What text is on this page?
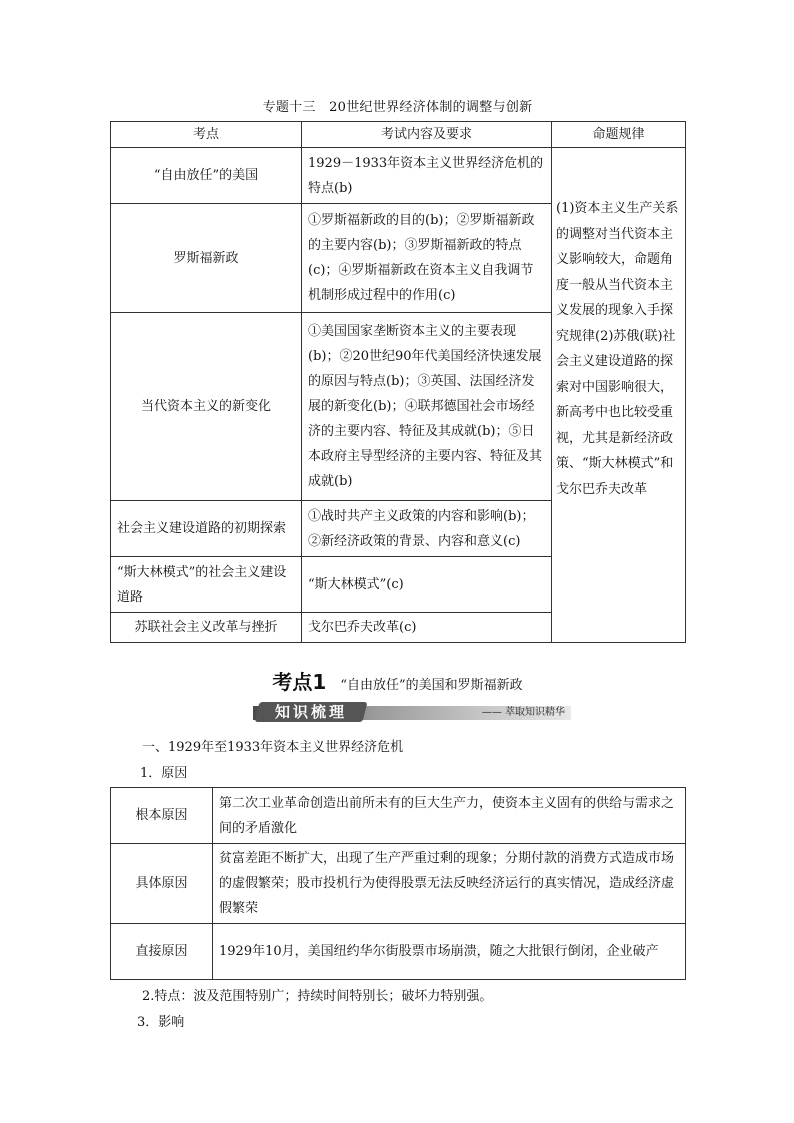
专题十三　20世纪世界经济体制的调整与创新
考点	考试内容及要求	命题规律
“自由放任”的美国	1929－1933年资本主义世界经济危机的特点(b)	(1)资本主义生产关系的调整对当代资本主义影响较大，命题角度一般从当代资本主义发展的现象入手探究规律(2)苏俄(联)社会主义建设道路的探索对中国影响很大，新高考中也比较受重视，尤其是新经济政策、“斯大林模式”和戈尔巴乔夫改革
罗斯福新政	①罗斯福新政的目的(b)；②罗斯福新政的主要内容(b)；③罗斯福新政的特点(c)；④罗斯福新政在资本主义自我调节机制形成过程中的作用(c)	
当代资本主义的新变化	①美国国家垄断资本主义的主要表现(b)；②20世纪90年代美国经济快速发展的原因与特点(b)；③英国、法国经济发展的新变化(b)；④联邦德国社会市场经济的主要内容、特征及其成就(b)；⑤日本政府主导型经济的主要内容、特征及其成就(b)	
社会主义建设道路的初期探索	①战时共产主义政策的内容和影响(b)；②新经济政策的背景、内容和意义(c)	
“斯大林模式”的社会主义建设道路	“斯大林模式”(c)	
苏联社会主义改革与挫折	戈尔巴乔夫改革(c)	
考点1 “自由放任”的美国和罗斯福新政
知识梳理	—— 萃取知识精华
一、1929年至1933年资本主义世界经济危机
1．原因
根本原因	第二次工业革命创造出前所未有的巨大生产力，使资本主义固有的供给与需求之间的矛盾激化
具体原因	贫富差距不断扩大，出现了生产严重过剩的现象；分期付款的消费方式造成市场的虚假繁荣；股市投机行为使得股票无法反映经济运行的真实情况，造成经济虚假繁荣
直接原因	1929年10月，美国纽约华尔街股票市场崩溃，随之大批银行倒闭，企业破产
2.特点：波及范围特别广；持续时间特别长；破坏力特别强。
3．影响
